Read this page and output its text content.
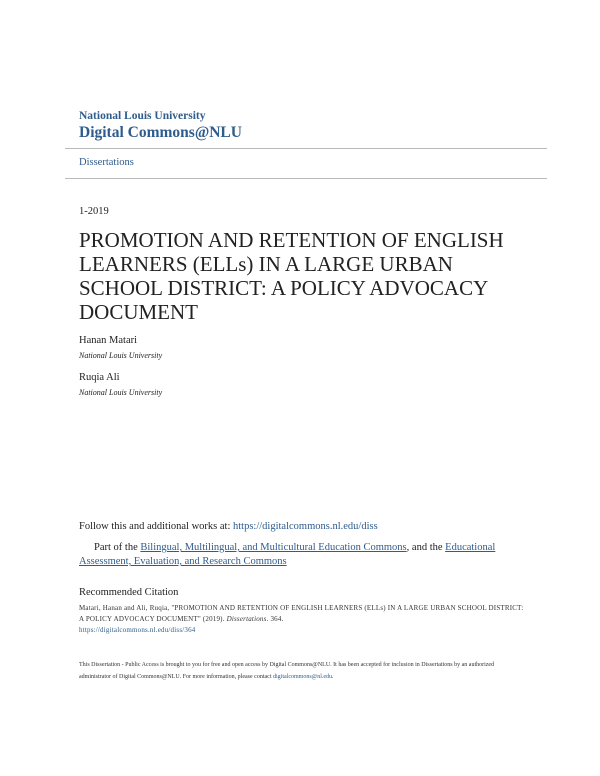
National Louis University
Digital Commons@NLU
Dissertations
1-2019
PROMOTION AND RETENTION OF ENGLISH LEARNERS (ELLs) IN A LARGE URBAN SCHOOL DISTRICT: A POLICY ADVOCACY DOCUMENT
Hanan Matari
National Louis University
Ruqia Ali
National Louis University
Follow this and additional works at: https://digitalcommons.nl.edu/diss
Part of the Bilingual, Multilingual, and Multicultural Education Commons, and the Educational Assessment, Evaluation, and Research Commons
Recommended Citation
Matari, Hanan and Ali, Ruqia, "PROMOTION AND RETENTION OF ENGLISH LEARNERS (ELLs) IN A LARGE URBAN SCHOOL DISTRICT: A POLICY ADVOCACY DOCUMENT" (2019). Dissertations. 364.
https://digitalcommons.nl.edu/diss/364
This Dissertation - Public Access is brought to you for free and open access by Digital Commons@NLU. It has been accepted for inclusion in Dissertations by an authorized administrator of Digital Commons@NLU. For more information, please contact digitalcommons@nl.edu.
